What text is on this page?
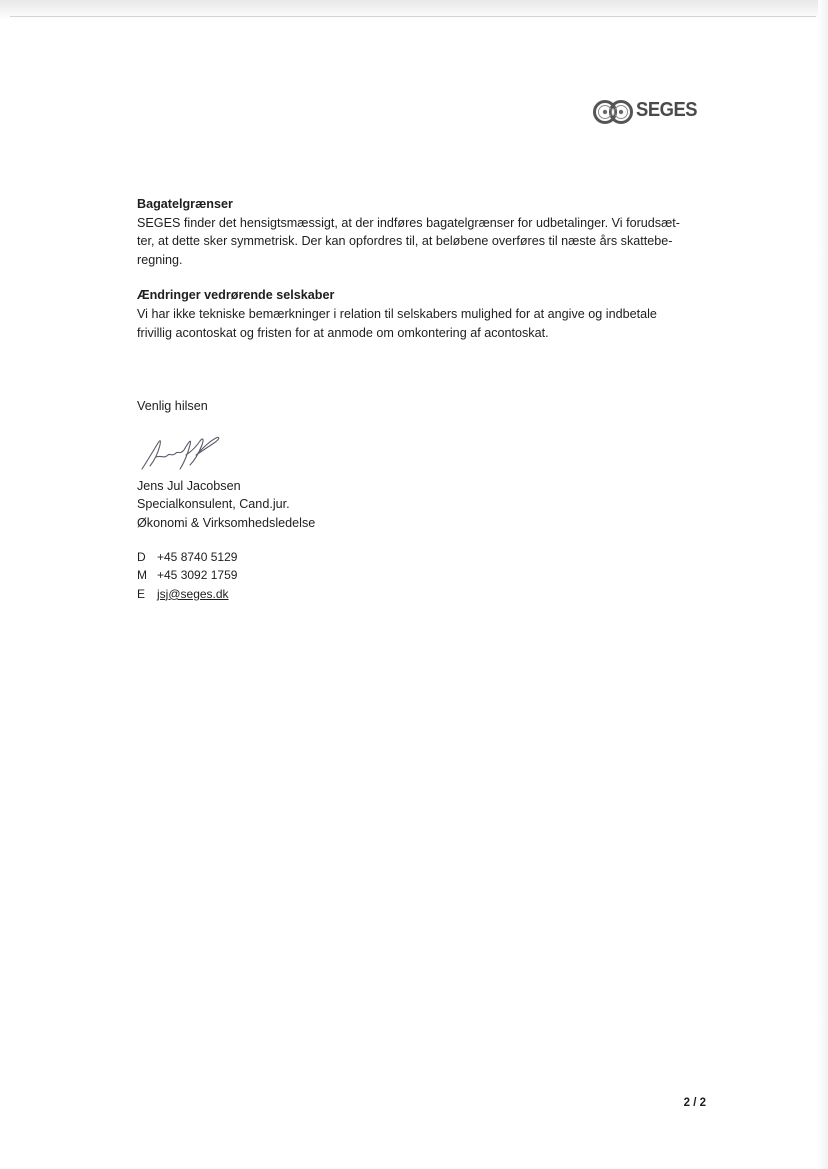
SEGES

Bagatelgrænser

SEGES finder det hensigtsmæssigt, at der indføres bagatelgrænser for udbetalinger. Vi forudsæt-

ter, at dette sker symmetrisk. Der kan opfordres til, at beløbene overføres til næste års skattebe-

regning.

Ændringer vedrørende selskaber

Vi har ikke tekniske bemærkninger i relation til selskabers mulighed for at angive og indbetale

frivillig acontoskat og fristen for at anmode om omkontering af acontoskat.

Venlig hilsen
Jens Jul Jacobsen
Specialkonsulent, Cand.jur.
Økonomi & Virksomhedsledelse
D +45 8740 5129
M +45 3092 1759
E jsj@seges.dk
2 / 2
